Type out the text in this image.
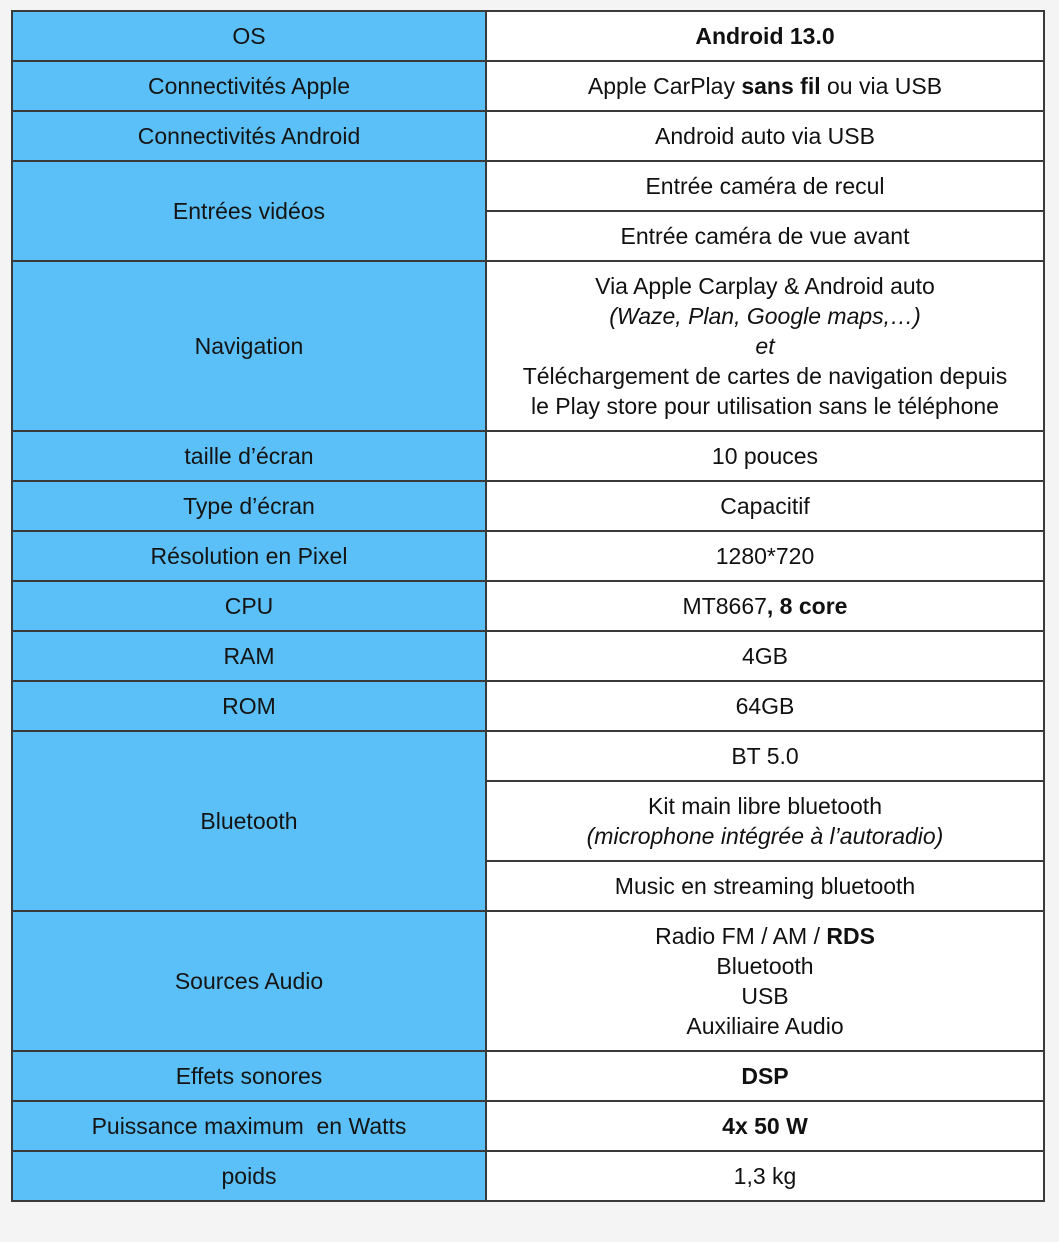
OS	Android 13.0
Connectivités Apple	Apple CarPlay sans fil ou via USB
Connectivités Android	Android auto via USB
Entrées vidéos	Entrée caméra de recul
	Entrée caméra de vue avant
Navigation	Via Apple Carplay & Android auto
(Waze, Plan, Google maps,…)
et
Téléchargement de cartes de navigation depuis
le Play store pour utilisation sans le téléphone

taille d’écran	10 pouces
Type d’écran	Capacitif
Résolution en Pixel	1280*720
CPU	MT8667, 8 core
RAM	4GB
ROM	64GB
Bluetooth	BT 5.0

	Kit main libre bluetooth
(microphone intégrée à l’autoradio)

	Music en streaming bluetooth
Sources Audio	Radio FM / AM / RDS
Bluetooth
USB
Auxiliaire Audio

Effets sonores	DSP
Puissance maximum  en Watts	4x 50 W
poids	1,3 kg
